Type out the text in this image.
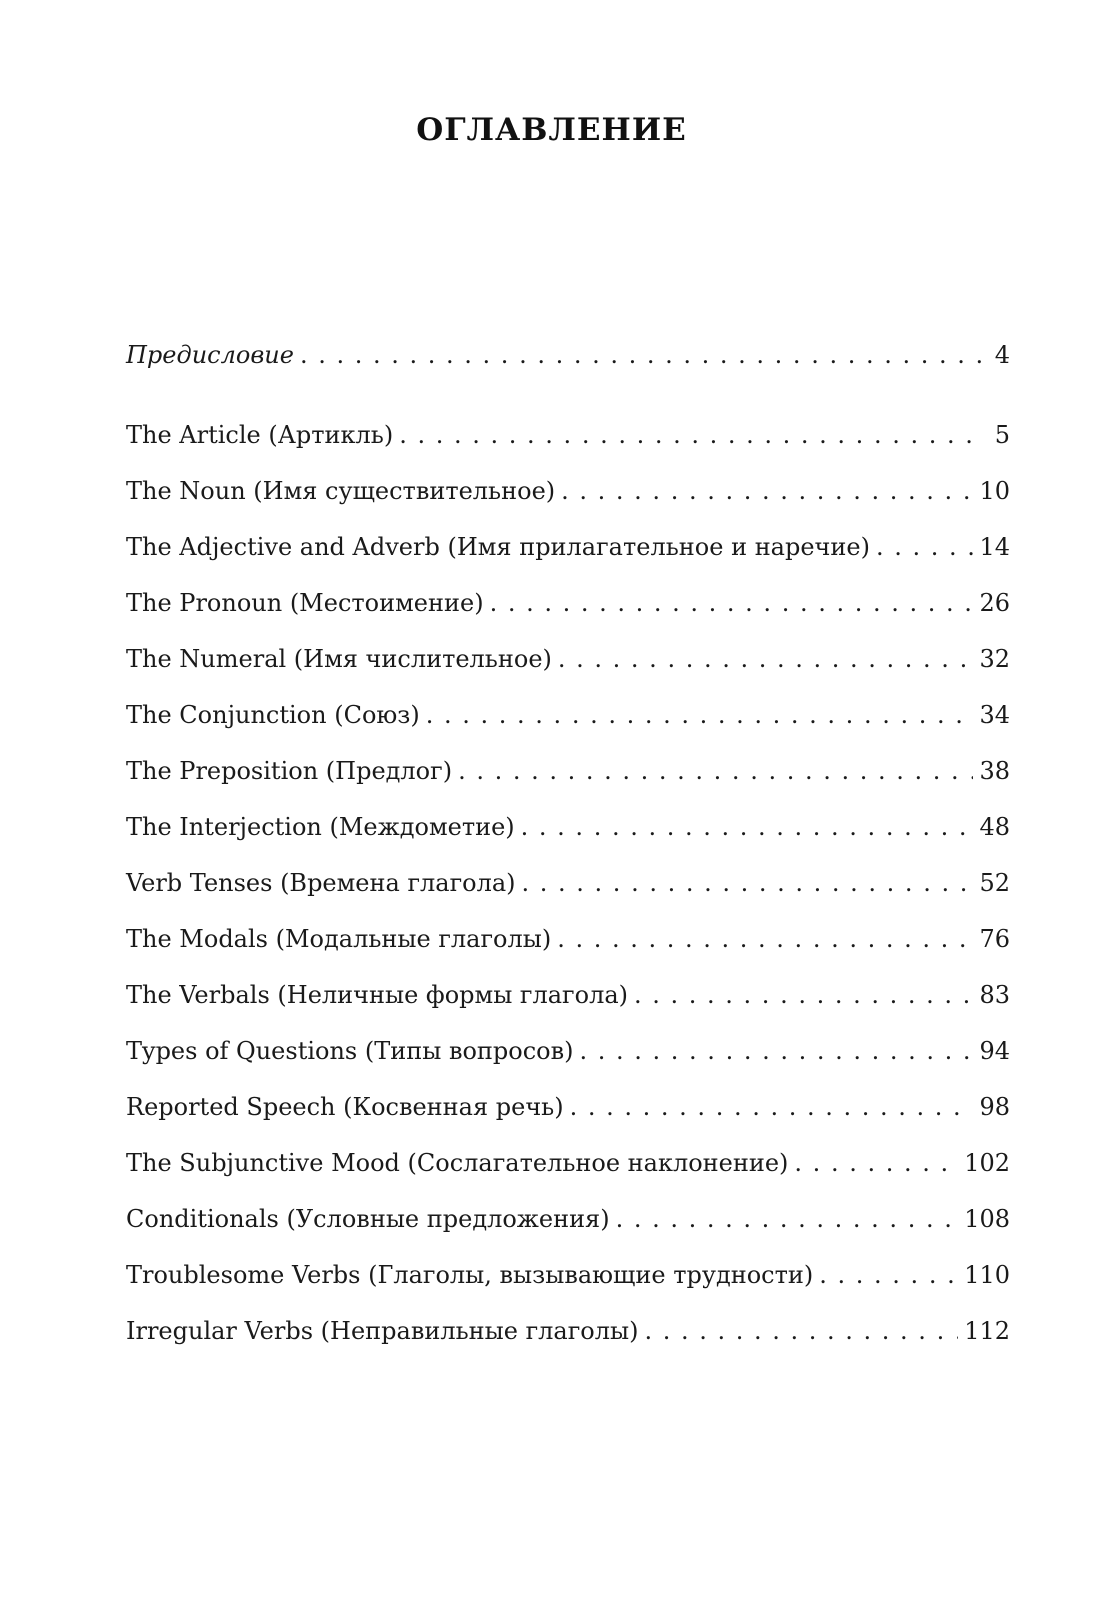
ОГЛАВЛЕНИЕ
Предисловие . . .	4
The Article (Артикль) . . .	5
The Noun (Имя существительное) . . .	10
The Adjective and Adverb (Имя прилагательное и наречие) . . .	14
The Pronoun (Местоимение) . . .	26
The Numeral (Имя числительное) . . .	32
The Conjunction (Союз) . . .	34
The Preposition (Предлог) . . .	38
The Interjection (Междометие) . . .	48
Verb Tenses (Времена глагола) . . .	52
The Modals (Модальные глаголы) . . .	76
The Verbals (Неличные формы глагола) . . .	83
Types of Questions (Типы вопросов) . . .	94
Reported Speech (Косвенная речь) . . .	98
The Subjunctive Mood (Сослагательное наклонение) . . .	102
Conditionals (Условные предложения) . . .	108
Troublesome Verbs (Глаголы, вызывающие трудности) . . .	110
Irregular Verbs (Неправильные глаголы) . . .	112
